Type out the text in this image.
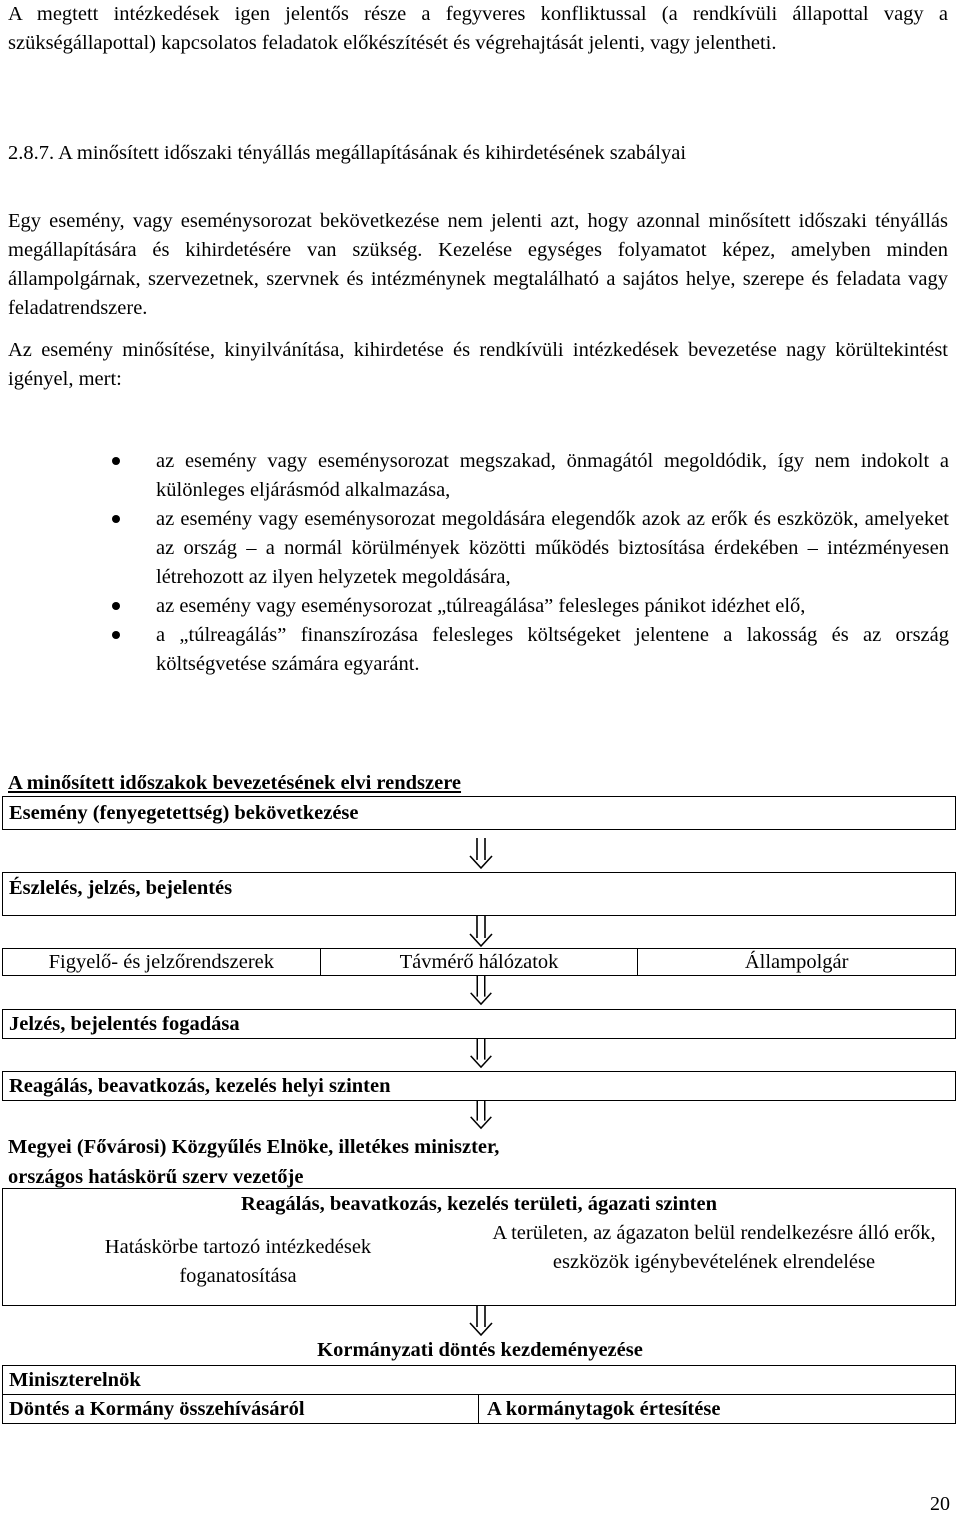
A megtett intézkedések igen jelentős része a fegyveres konfliktussal (a rendkívüli állapottal vagy a szükségállapottal) kapcsolatos feladatok előkészítését és végrehajtását jelenti, vagy jelentheti.
2.8.7. A minősített időszaki tényállás megállapításának és kihirdetésének szabályai
Egy esemény, vagy eseménysorozat bekövetkezése nem jelenti azt, hogy azonnal minősített időszaki tényállás megállapítására és kihirdetésére van szükség. Kezelése egységes folyamatot képez, amelyben minden állampolgárnak, szervezetnek, szervnek és intézménynek megtalálható a sajátos helye, szerepe és feladata vagy feladatrendszere.
Az esemény minősítése, kinyilvánítása, kihirdetése és rendkívüli intézkedések bevezetése nagy körültekintést igényel, mert:
az esemény vagy eseménysorozat megszakad, önmagától megoldódik, így nem indokolt a különleges eljárásmód alkalmazása,
az esemény vagy eseménysorozat megoldására elegendők azok az erők és eszközök, amelyeket az ország – a normál körülmények közötti működés biztosítása érdekében – intézményesen létrehozott az ilyen helyzetek megoldására,
az esemény vagy eseménysorozat „túlreagálása” felesleges pánikot idézhet elő,
a „túlreagálás” finanszírozása felesleges költségeket jelentene a lakosság és az ország költségvetése számára egyaránt.
A minősített időszakok bevezetésének elvi rendszere
Esemény (fenyegetettség) bekövetkezése
Észlelés, jelzés, bejelentés
Figyelő- és jelzőrendszerek	Távmérő hálózatok	Állampolgár
Jelzés, bejelentés fogadása
Reagálás, beavatkozás, kezelés helyi szinten
Megyei (Fővárosi) Közgyűlés Elnöke, illetékes miniszter,
országos hatáskörű szerv vezetője
Reagálás, beavatkozás, kezelés területi, ágazati szinten
Hatáskörbe tartozó intézkedések foganatosítása
A területen, az ágazaton belül rendelkezésre álló erők, eszközök igénybevételének elrendelése
Kormányzati döntés kezdeményezése
Miniszterelnök
Döntés a Kormány összehívásáról	A kormánytagok értesítése
20
